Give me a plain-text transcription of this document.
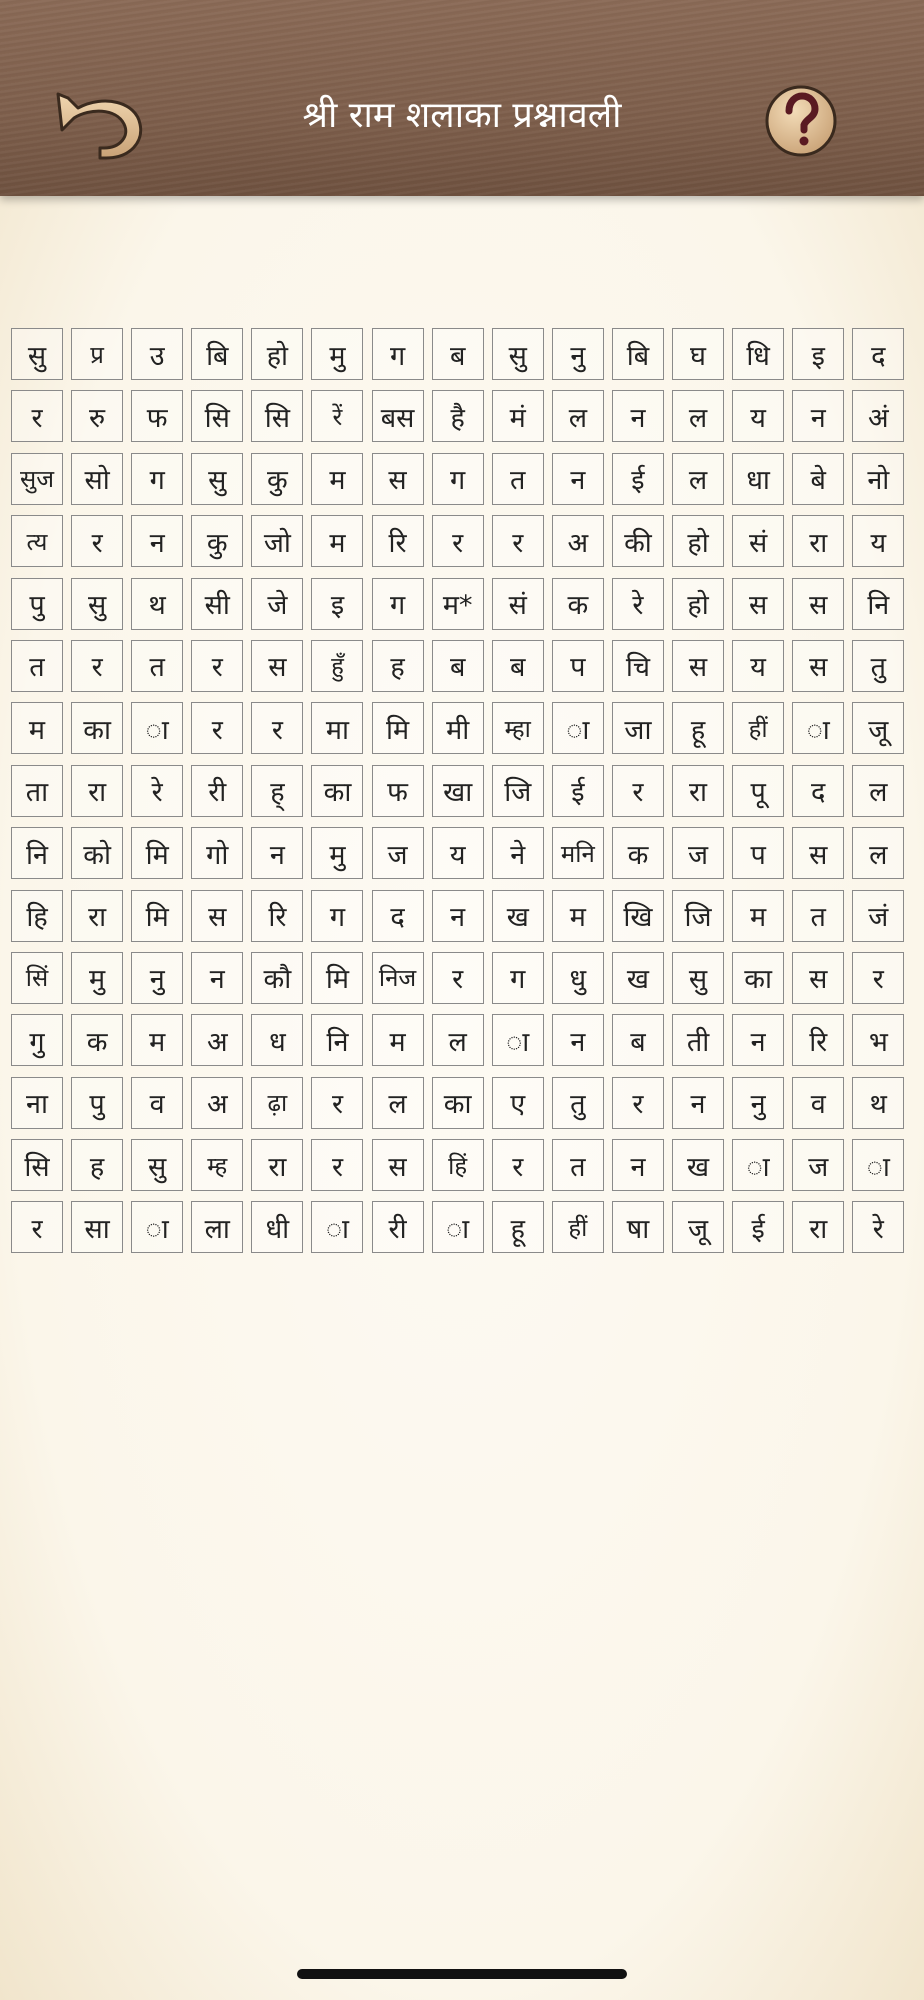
श्री राम शलाका प्रश्नावली
सु	प्र	उ	बि	हो	मु	ग	ब	सु	नु	बि	घ	धि	इ	द
र	रु	फ	सि	सि	रें	बस	है	मं	ल	न	ल	य	न	अं
सुज	सो	ग	सु	कु	म	स	ग	त	न	ई	ल	धा	बे	नो
त्य	र	न	कु	जो	म	रि	र	र	अ	की	हो	सं	रा	य
पु	सु	थ	सी	जे	इ	ग	म*	सं	क	रे	हो	स	स	नि
त	र	त	र	स	हुँ	ह	ब	ब	प	चि	स	य	स	तु
म	का	ा	र	र	मा	मि	मी	म्हा	ा	जा	हू	हीं	ा	जू
ता	रा	रे	री	ह्	का	फ	खा	जि	ई	र	रा	पू	द	ल
नि	को	मि	गो	न	मु	ज	य	ने	मनि	क	ज	प	स	ल
हि	रा	मि	स	रि	ग	द	न	ख	म	खि	जि	म	त	जं
सिं	मु	नु	न	कौ	मि	निज	र	ग	धु	ख	सु	का	स	र
गु	क	म	अ	ध	नि	म	ल	ा	न	ब	ती	न	रि	भ
ना	पु	व	अ	ढ़ा	र	ल	का	ए	तु	र	न	नु	व	थ
सि	ह	सु	म्ह	रा	र	स	हिं	र	त	न	ख	ा	ज	ा
र	सा	ा	ला	धी	ा	री	ा	हू	हीं	षा	जू	ई	रा	रे
